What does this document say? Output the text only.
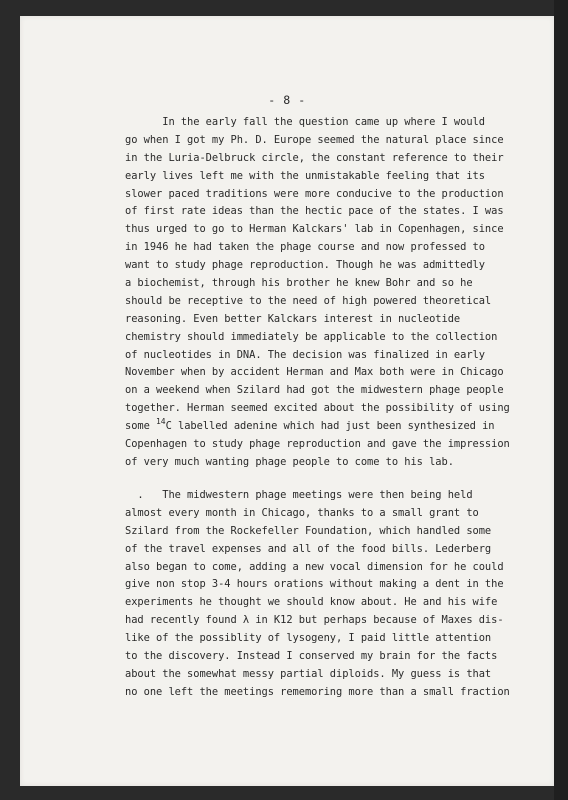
- 8 -
In the early fall the question came up where I would
go when I got my Ph. D. Europe seemed the natural place since
in the Luria-Delbruck circle, the constant reference to their
early lives left me with the unmistakable feeling that its
slower paced traditions were more conducive to the production
of first rate ideas than the hectic pace of the states. I was
thus urged to go to Herman Kalckars' lab in Copenhagen, since
in 1946 he had taken the phage course and now professed to
want to study phage reproduction. Though he was admittedly
a biochemist, through his brother he knew Bohr and so he
should be receptive to the need of high powered theoretical
reasoning. Even better Kalckars interest in nucleotide
chemistry should immediately be applicable to the collection
of nucleotides in DNA. The decision was finalized in early
November when by accident Herman and Max both were in Chicago
on a weekend when Szilard had got the midwestern phage people
together. Herman seemed excited about the possibility of using
some $^{14}$C labelled adenine which had just been synthesized in
Copenhagen to study phage reproduction and gave the impression
of very much wanting phage people to come to his lab.
.   The midwestern phage meetings were then being held
almost every month in Chicago, thanks to a small grant to
Szilard from the Rockefeller Foundation, which handled some
of the travel expenses and all of the food bills. Lederberg
also began to come, adding a new vocal dimension for he could
give non stop 3-4 hours orations without making a dent in the
experiments he thought we should know about. He and his wife
had recently found λ in K12 but perhaps because of Maxes dis-
like of the possiblity of lysogeny, I paid little attention
to the discovery. Instead I conserved my brain for the facts
about the somewhat messy partial diploids. My guess is that
no one left the meetings rememoring more than a small fraction
